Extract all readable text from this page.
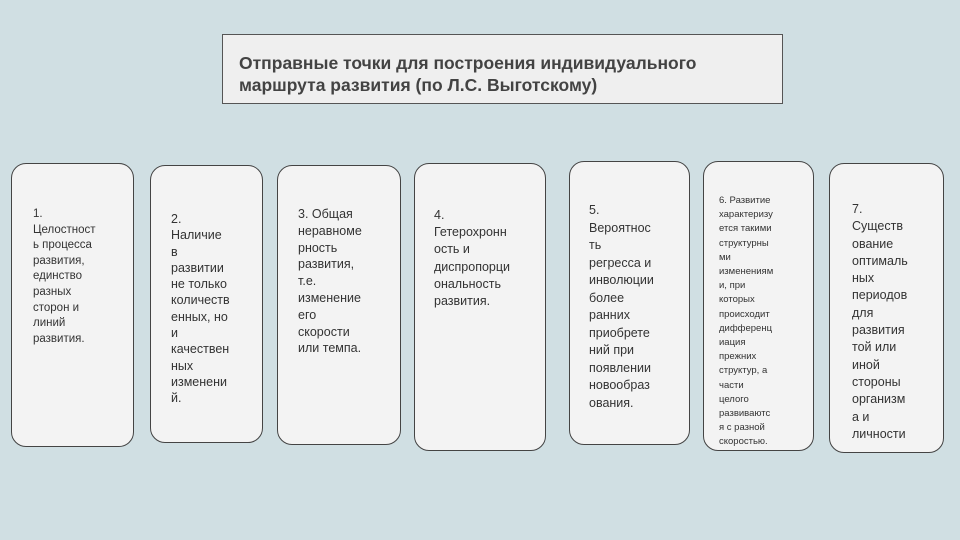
Отправные точки для построения индивидуального
маршрута развития (по Л.С. Выготскому)

1.
Целостност
ь процесса
развития,
единство
разных
сторон и
линий
развития.

2.
Наличие
в
развитии
не только
количеств
енных, но
и
качествен
ных
изменени
й.

3. Общая
неравноме
рность
развития,
т.е.
изменение
его
скорости
или темпа.

4.
Гетерохронн
ость и
диспропорци
ональность
развития.

5.
Вероятнос
ть
регресса и
инволюции
более
ранних
приобрете
ний при
появлении
новообраз
ования.

6. Развитие
характеризу
ется такими
структурны
ми
изменениям
и, при
которых
происходит
дифференц
иация
прежних
структур, а
части
целого
развиваютс
я с разной
скоростью.

7.
Существ
ование
оптималь
ных
периодов
для
развития
той или
иной
стороны
организм
а и
личности
